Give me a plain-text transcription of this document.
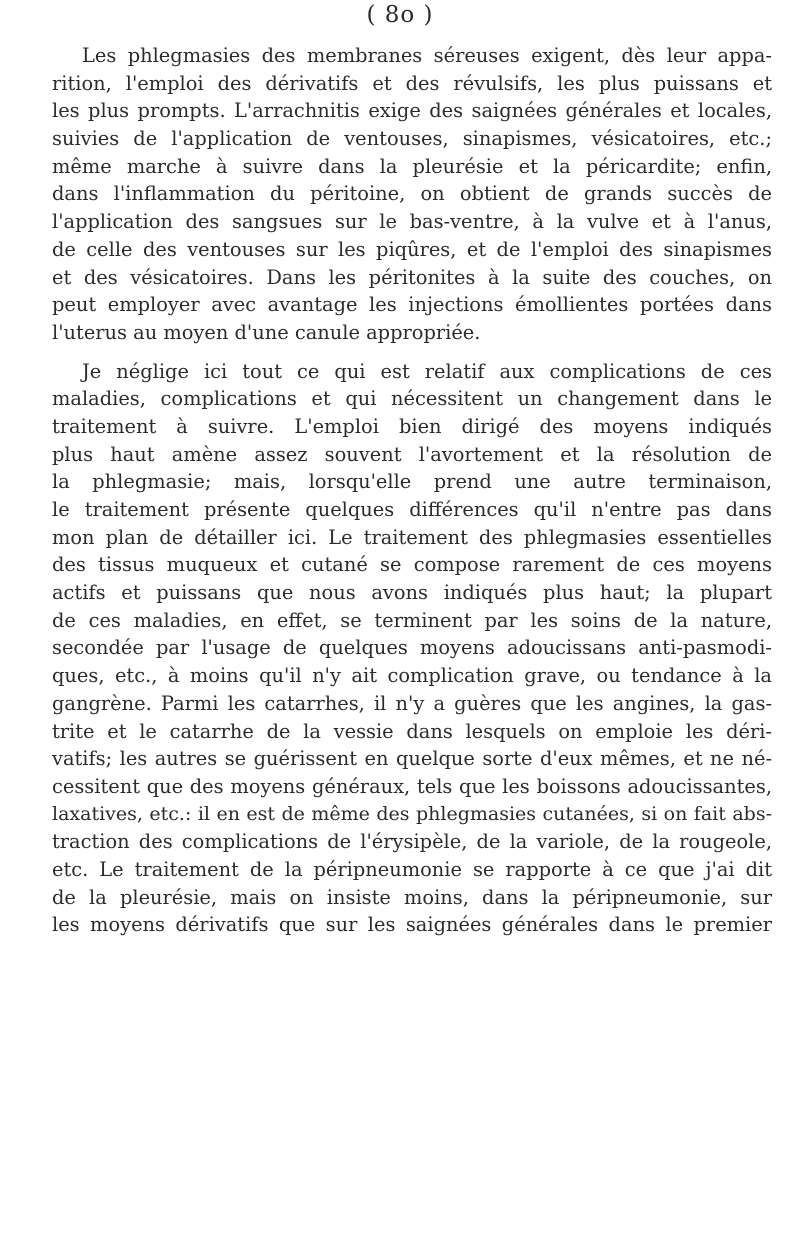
( 8o )
Les phlegmasies des membranes séreuses exigent, dès leur appa-
rition, l'emploi des dérivatifs et des révulsifs, les plus puissans et
les plus prompts. L'arrachnitis exige des saignées générales et locales,
suivies de l'application de ventouses, sinapismes, vésicatoires, etc.;
même marche à suivre dans la pleurésie et la péricardite; enfin,
dans l'inflammation du péritoine, on obtient de grands succès de
l'application des sangsues sur le bas-ventre, à la vulve et à l'anus,
de celle des ventouses sur les piqûres, et de l'emploi des sinapismes
et des vésicatoires. Dans les péritonites à la suite des couches, on
peut employer avec avantage les injections émollientes portées dans
l'uterus au moyen d'une canule appropriée.
Je néglige ici tout ce qui est relatif aux complications de ces
maladies, complications et qui nécessitent un changement dans le
traitement à suivre. L'emploi bien dirigé des moyens indiqués
plus haut amène assez souvent l'avortement et la résolution de
la phlegmasie; mais, lorsqu'elle prend une autre terminaison,
le traitement présente quelques différences qu'il n'entre pas dans
mon plan de détailler ici. Le traitement des phlegmasies essentielles
des tissus muqueux et cutané se compose rarement de ces moyens
actifs et puissans que nous avons indiqués plus haut; la plupart
de ces maladies, en effet, se terminent par les soins de la nature,
secondée par l'usage de quelques moyens adoucissans anti-pasmodi-
ques, etc., à moins qu'il n'y ait complication grave, ou tendance à la
gangrène. Parmi les catarrhes, il n'y a guères que les angines, la gas-
trite et le catarrhe de la vessie dans lesquels on emploie les déri-
vatifs; les autres se guérissent en quelque sorte d'eux mêmes, et ne né-
cessitent que des moyens généraux, tels que les boissons adoucissantes,
laxatives, etc.: il en est de même des phlegmasies cutanées, si on fait abs-
traction des complications de l'érysipèle, de la variole, de la rougeole,
etc. Le traitement de la péripneumonie se rapporte à ce que j'ai dit
de la pleurésie, mais on insiste moins, dans la péripneumonie, sur
les moyens dérivatifs que sur les saignées générales dans le premier
